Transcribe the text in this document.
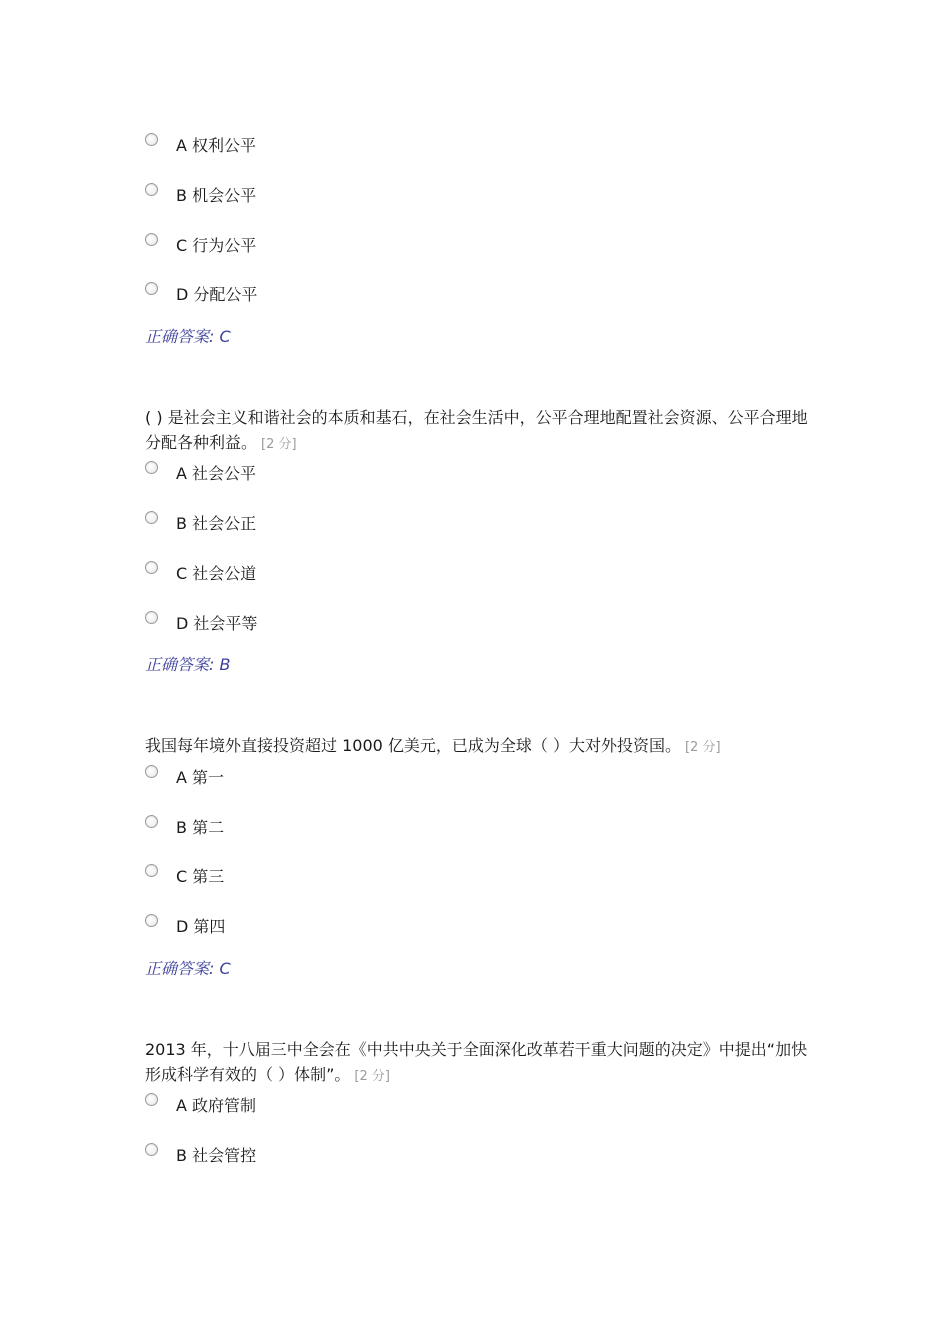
A 权利公平
B 机会公平
C 行为公平
D 分配公平
正确答案: C
( ) 是社会主义和谐社会的本质和基石，在社会生活中，公平合理地配置社会资源、公平合理地分配各种利益。 [2 分]
A 社会公平
B 社会公正
C 社会公道
D 社会平等
正确答案: B
我国每年境外直接投资超过 1000 亿美元，已成为全球（ ）大对外投资国。 [2 分]
A 第一
B 第二
C 第三
D 第四
正确答案: C
2013 年，十八届三中全会在《中共中央关于全面深化改革若干重大问题的决定》中提出“加快形成科学有效的（ ）体制”。 [2 分]
A 政府管制
B 社会管控
